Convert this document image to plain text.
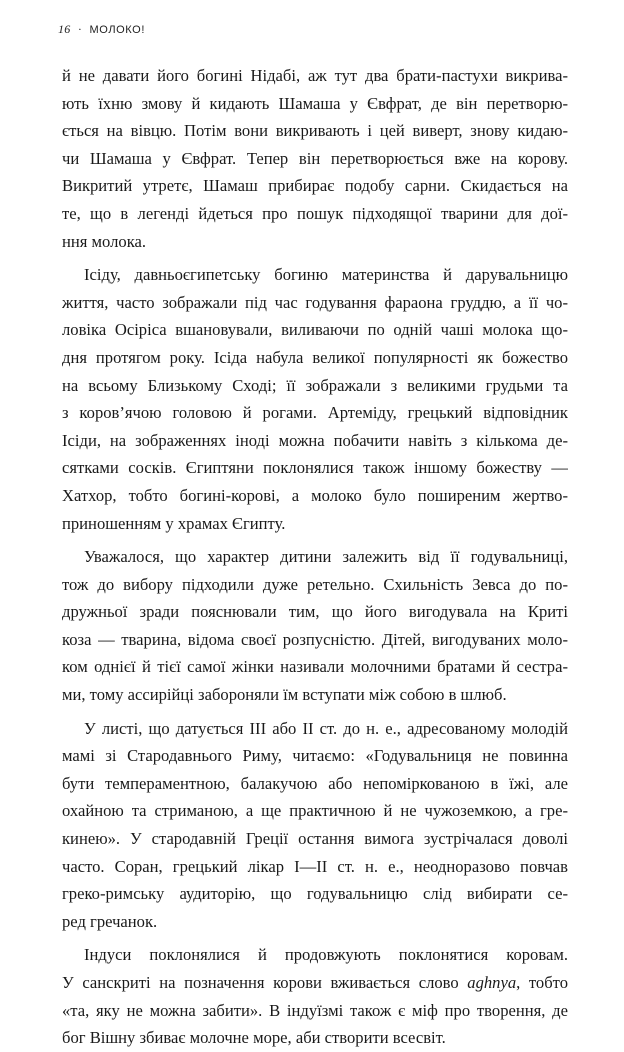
16 · МОЛОКО!
й не давати його богині Нідабі, аж тут два брати-пастухи викрива-
ють їхню змову й кидають Шамаша у Євфрат, де він перетворю-
ється на вівцю. Потім вони викривають і цей виверт, знову кидаю-
чи Шамаша у Євфрат. Тепер він перетворюється вже на корову.
Викритий утретє, Шамаш прибирає подобу сарни. Скидається на
те, що в легенді йдеться про пошук підходящої тварини для дої-
ння молока.
Ісіду, давньоєгипетську богиню материнства й дарувальницю
життя, часто зображали під час годування фараона груддю, а її чо-
ловіка Осіріса вшановували, виливаючи по одній чаші молока що-
дня протягом року. Ісіда набула великої популярності як божество
на всьому Близькому Сході; її зображали з великими грудьми та
з коров’ячою головою й рогами. Артеміду, грецький відповідник
Ісіди, на зображеннях іноді можна побачити навіть з кількома де-
сятками сосків. Єгиптяни поклонялися також іншому божеству —
Хатхор, тобто богині-корові, а молоко було поширеним жертво-
приношенням у храмах Єгипту.
Уважалося, що характер дитини залежить від її годувальниці,
тож до вибору підходили дуже ретельно. Схильність Зевса до по-
дружньої зради пояснювали тим, що його вигодувала на Криті
коза — тварина, відома своєї розпусністю. Дітей, вигодуваних моло-
ком однієї й тієї самої жінки називали молочними братами й сестра-
ми, тому ассирійці забороняли їм вступати між собою в шлюб.
У листі, що датується ІІІ або ІІ ст. до н. е., адресованому молодій
мамі зі Стародавнього Риму, читаємо: «Годувальниця не повинна
бути темпераментною, балакучою або непоміркованою в їжі, але
охайною та стриманою, а ще практичною й не чужоземкою, а гре-
кинею». У стародавній Греції остання вимога зустрічалася доволі
часто. Соран, грецький лікар І—ІІ ст. н. е., неодноразово повчав
греко-римську аудиторію, що годувальницю слід вибирати се-
ред гречанок.
Індуси поклонялися й продовжують поклонятися коровам.
У санскриті на позначення корови вживається слово aghnya, тобто
«та, яку не можна забити». В індуїзмі також є міф про творення, де
бог Вішну збиває молочне море, аби створити всесвіт.
